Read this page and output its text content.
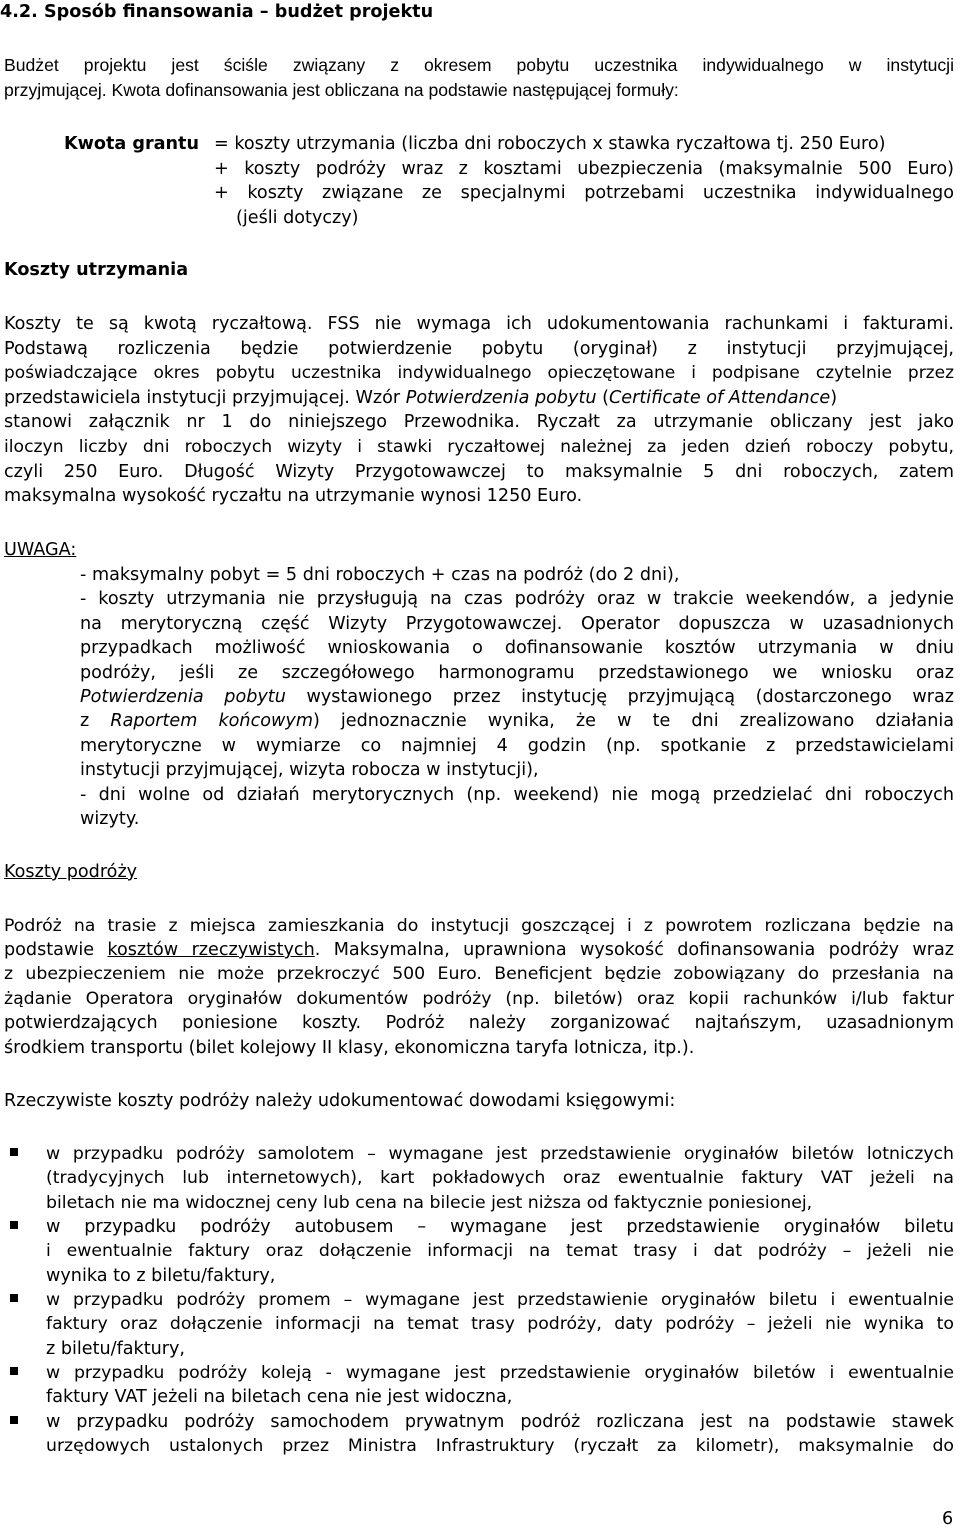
4.2. Sposób finansowania – budżet projektu
Budżet projektu jest ściśle związany z okresem pobytu uczestnika indywidualnego w instytucji
przyjmującej. Kwota dofinansowania jest obliczana na podstawie następującej formuły:
Kwota grantu = koszty utrzymania (liczba dni roboczych x stawka ryczałtowa tj. 250 Euro)
+ koszty podróży wraz z kosztami ubezpieczenia (maksymalnie 500 Euro)
+ koszty związane ze specjalnymi potrzebami uczestnika indywidualnego
(jeśli dotyczy)
Koszty utrzymania
Koszty te są kwotą ryczałtową. FSS nie wymaga ich udokumentowania rachunkami i fakturami.
Podstawą rozliczenia będzie potwierdzenie pobytu (oryginał) z instytucji przyjmującej,
poświadczające okres pobytu uczestnika indywidualnego opieczętowane i podpisane czytelnie przez
przedstawiciela instytucji przyjmującej. Wzór Potwierdzenia pobytu (Certificate of Attendance)
stanowi załącznik nr 1 do niniejszego Przewodnika. Ryczałt za utrzymanie obliczany jest jako
iloczyn liczby dni roboczych wizyty i stawki ryczałtowej należnej za jeden dzień roboczy pobytu,
czyli 250 Euro. Długość Wizyty Przygotowawczej to maksymalnie 5 dni roboczych, zatem
maksymalna wysokość ryczałtu na utrzymanie wynosi 1250 Euro.
UWAGA:
- maksymalny pobyt = 5 dni roboczych + czas na podróż (do 2 dni),
- koszty utrzymania nie przysługują na czas podróży oraz w trakcie weekendów, a jedynie
na merytoryczną część Wizyty Przygotowawczej. Operator dopuszcza w uzasadnionych
przypadkach możliwość wnioskowania o dofinansowanie kosztów utrzymania w dniu
podróży, jeśli ze szczegółowego harmonogramu przedstawionego we wniosku oraz
Potwierdzenia pobytu wystawionego przez instytucję przyjmującą (dostarczonego wraz
z Raportem końcowym) jednoznacznie wynika, że w te dni zrealizowano działania
merytoryczne w wymiarze co najmniej 4 godzin (np. spotkanie z przedstawicielami
instytucji przyjmującej, wizyta robocza w instytucji),
- dni wolne od działań merytorycznych (np. weekend) nie mogą przedzielać dni roboczych
wizyty.
Koszty podróży
Podróż na trasie z miejsca zamieszkania do instytucji goszczącej i z powrotem rozliczana będzie na
podstawie kosztów rzeczywistych. Maksymalna, uprawniona wysokość dofinansowania podróży wraz
z ubezpieczeniem nie może przekroczyć 500 Euro. Beneficjent będzie zobowiązany do przesłania na
żądanie Operatora oryginałów dokumentów podróży (np. biletów) oraz kopii rachunków i/lub faktur
potwierdzających poniesione koszty. Podróż należy zorganizować najtańszym, uzasadnionym
środkiem transportu (bilet kolejowy II klasy, ekonomiczna taryfa lotnicza, itp.).
Rzeczywiste koszty podróży należy udokumentować dowodami księgowymi:
w przypadku podróży samolotem – wymagane jest przedstawienie oryginałów biletów lotniczych
(tradycyjnych lub internetowych), kart pokładowych oraz ewentualnie faktury VAT jeżeli na
biletach nie ma widocznej ceny lub cena na bilecie jest niższa od faktycznie poniesionej,
w przypadku podróży autobusem – wymagane jest przedstawienie oryginałów biletu
i ewentualnie faktury oraz dołączenie informacji na temat trasy i dat podróży – jeżeli nie
wynika to z biletu/faktury,
w przypadku podróży promem – wymagane jest przedstawienie oryginałów biletu i ewentualnie
faktury oraz dołączenie informacji na temat trasy podróży, daty podróży – jeżeli nie wynika to
z biletu/faktury,
w przypadku podróży koleją - wymagane jest przedstawienie oryginałów biletów i ewentualnie
faktury VAT jeżeli na biletach cena nie jest widoczna,
w przypadku podróży samochodem prywatnym podróż rozliczana jest na podstawie stawek
urzędowych ustalonych przez Ministra Infrastruktury (ryczałt za kilometr), maksymalnie do
6
